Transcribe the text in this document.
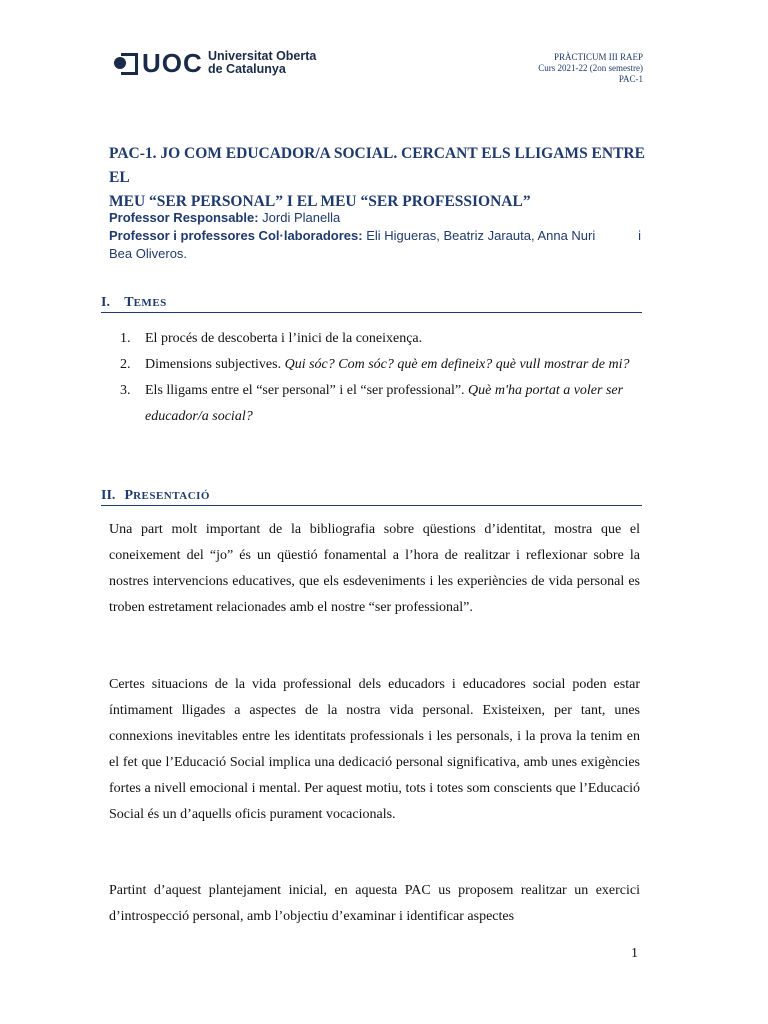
UOC Universitat Oberta
de Catalunya
PRÀCTICUM III RAEP
Curs 2021-22 (2on semestre)
PAC-1
PAC-1. JO COM EDUCADOR/A SOCIAL. CERCANT ELS LLIGAMS ENTRE EL
MEU “SER PERSONAL” I EL MEU “SER PROFESSIONAL”
Professor Responsable: Jordi Planella
Professor i professores Col·laboradores: Eli Higueras, Beatriz Jarauta, Anna Nuri	i
Bea Oliveros.
I. TEMES
1.	El procés de descoberta i l’inici de la coneixença.
2.	Dimensions subjectives. Qui sóc? Com sóc? què em defineix? què vull mostrar de mi?
3.	Els lligams entre el “ser personal” i el “ser professional”. Què m'ha portat a voler ser educador/a social?
II. PRESENTACIÓ

Una part molt important de la bibliografia sobre qüestions d’identitat, mostra que el coneixement del “jo” és un qüestió fonamental a l’hora de realitzar i reflexionar sobre la nostres intervencions educatives, que els esdeveniments i les experiències de vida personal es troben estretament relacionades amb el nostre “ser professional”.

Certes situacions de la vida professional dels educadors i educadores social poden estar íntimament lligades a aspectes de la nostra vida personal. Existeixen, per tant, unes connexions inevitables entre les identitats professionals i les personals, i la prova la tenim en el fet que l’Educació Social implica una dedicació personal significativa, amb unes exigències fortes a nivell emocional i mental. Per aquest motiu, tots i totes som conscients que l’Educació Social és un d’aquells oficis purament vocacionals.

Partint d’aquest plantejament inicial, en aquesta PAC us proposem realitzar un exercici d’introspecció personal, amb l’objectiu d’examinar i identificar aspectes

1
